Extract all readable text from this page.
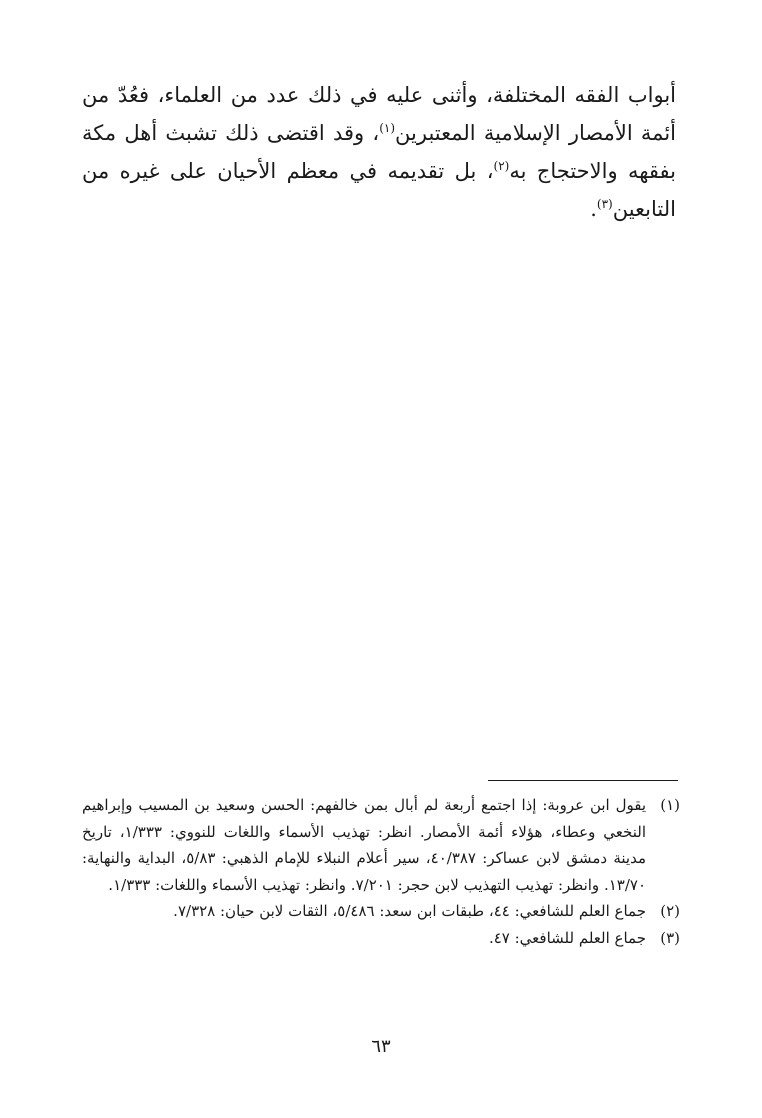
أبواب الفقه المختلفة، وأثنى عليه في ذلك عدد من العلماء، فعُدّ من أئمة الأمصار الإسلامية المعتبرين$^{(١)}$، وقد اقتضى ذلك تشبث أهل مكة بفقهه والاحتجاج به$^{(٢)}$، بل تقديمه في معظم الأحيان على غيره من التابعين$^{(٣)}$.

(١)
يقول ابن عروبة: إذا اجتمع أربعة لم أبال بمن خالفهم: الحسن وسعيد بن المسيب وإبراهيم النخعي وعطاء، هؤلاء أئمة الأمصار. انظر: تهذيب الأسماء واللغات للنووي: ١/٣٣٣، تاريخ مدينة دمشق لابن عساكر: ٤٠/٣٨٧، سير أعلام النبلاء للإمام الذهبي: ٥/٨٣، البداية والنهاية: ١٣/٧٠. وانظر: تهذيب التهذيب لابن حجر: ٧/٢٠١. وانظر: تهذيب الأسماء واللغات: ١/٣٣٣.
(٢)
جماع العلم للشافعي: ٤٤، طبقات ابن سعد: ٥/٤٨٦، الثقات لابن حيان: ٧/٣٢٨.
(٣)
جماع العلم للشافعي: ٤٧.
٦٣
